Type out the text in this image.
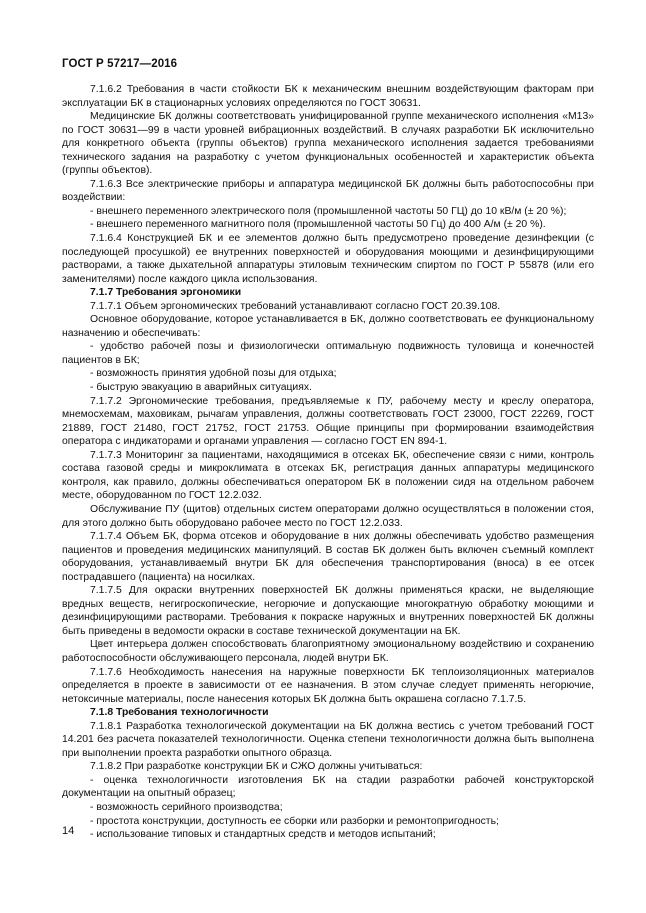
ГОСТ Р 57217—2016

7.1.6.2 Требования в части стойкости БК к механическим внешним воздействующим факторам при эксплуатации БК в стационарных условиях определяются по ГОСТ 30631.

Медицинские БК должны соответствовать унифицированной группе механического исполнения «М13» по ГОСТ 30631—99 в части уровней вибрационных воздействий. В случаях разработки БК исключительно для конкретного объекта (группы объектов) группа механического исполнения задается требованиями технического задания на разработку с учетом функциональных особенностей и характеристик объекта (группы объектов).

7.1.6.3 Все электрические приборы и аппаратура медицинской БК должны быть работоспособны при воздействии:

- внешнего переменного электрического поля (промышленной частоты 50 ГЦ) до 10 кВ/м (± 20 %);

- внешнего переменного магнитного поля (промышленной частоты 50 Гц) до 400 А/м (± 20 %).

7.1.6.4 Конструкцией БК и ее элементов должно быть предусмотрено проведение дезинфекции (с последующей просушкой) ее внутренних поверхностей и оборудования моющими и дезинфицирующими растворами, а также дыхательной аппаратуры этиловым техническим спиртом по ГОСТ Р 55878 (или его заменителями) после каждого цикла использования.

7.1.7 Требования эргономики

7.1.7.1 Объем эргономических требований устанавливают согласно ГОСТ 20.39.108.

Основное оборудование, которое устанавливается в БК, должно соответствовать ее функциональному назначению и обеспечивать:

- удобство рабочей позы и физиологически оптимальную подвижность туловища и конечностей пациентов в БК;

- возможность принятия удобной позы для отдыха;

- быструю эвакуацию в аварийных ситуациях.

7.1.7.2 Эргономические требования, предъявляемые к ПУ, рабочему месту и креслу оператора, мнемосхемам, маховикам, рычагам управления, должны соответствовать ГОСТ 23000, ГОСТ 22269, ГОСТ 21889, ГОСТ 21480, ГОСТ 21752, ГОСТ 21753. Общие принципы при формировании взаимодействия оператора с индикаторами и органами управления — согласно ГОСТ EN 894-1.

7.1.7.3 Мониторинг за пациентами, находящимися в отсеках БК, обеспечение связи с ними, контроль состава газовой среды и микроклимата в отсеках БК, регистрация данных аппаратуры медицинского контроля, как правило, должны обеспечиваться оператором БК в положении сидя на отдельном рабочем месте, оборудованном по ГОСТ 12.2.032.

Обслуживание ПУ (щитов) отдельных систем операторами должно осуществляться в положении стоя, для этого должно быть оборудовано рабочее место по ГОСТ 12.2.033.

7.1.7.4 Объем БК, форма отсеков и оборудование в них должны обеспечивать удобство размещения пациентов и проведения медицинских манипуляций. В состав БК должен быть включен съемный комплект оборудования, устанавливаемый внутри БК для обеспечения транспортирования (вноса) в ее отсек пострадавшего (пациента) на носилках.

7.1.7.5 Для окраски внутренних поверхностей БК должны применяться краски, не выделяющие вредных веществ, негигроскопические, негорючие и допускающие многократную обработку моющими и дезинфицирующими растворами. Требования к покраске наружных и внутренних поверхностей БК должны быть приведены в ведомости окраски в составе технической документации на БК.

Цвет интерьера должен способствовать благоприятному эмоциональному воздействию и сохранению работоспособности обслуживающего персонала, людей внутри БК.

7.1.7.6 Необходимость нанесения на наружные поверхности БК теплоизоляционных материалов определяется в проекте в зависимости от ее назначения. В этом случае следует применять негорючие, нетоксичные материалы, после нанесения которых БК должна быть окрашена согласно 7.1.7.5.

7.1.8 Требования технологичности

7.1.8.1 Разработка технологической документации на БК должна вестись с учетом требований ГОСТ 14.201 без расчета показателей технологичности. Оценка степени технологичности должна быть выполнена при выполнении проекта разработки опытного образца.

7.1.8.2 При разработке конструкции БК и СЖО должны учитываться:

- оценка технологичности изготовления БК на стадии разработки рабочей конструкторской документации на опытный образец;

- возможность серийного производства;

- простота конструкции, доступность ее сборки или разборки и ремонтопригодность;

- использование типовых и стандартных средств и методов испытаний;

14
